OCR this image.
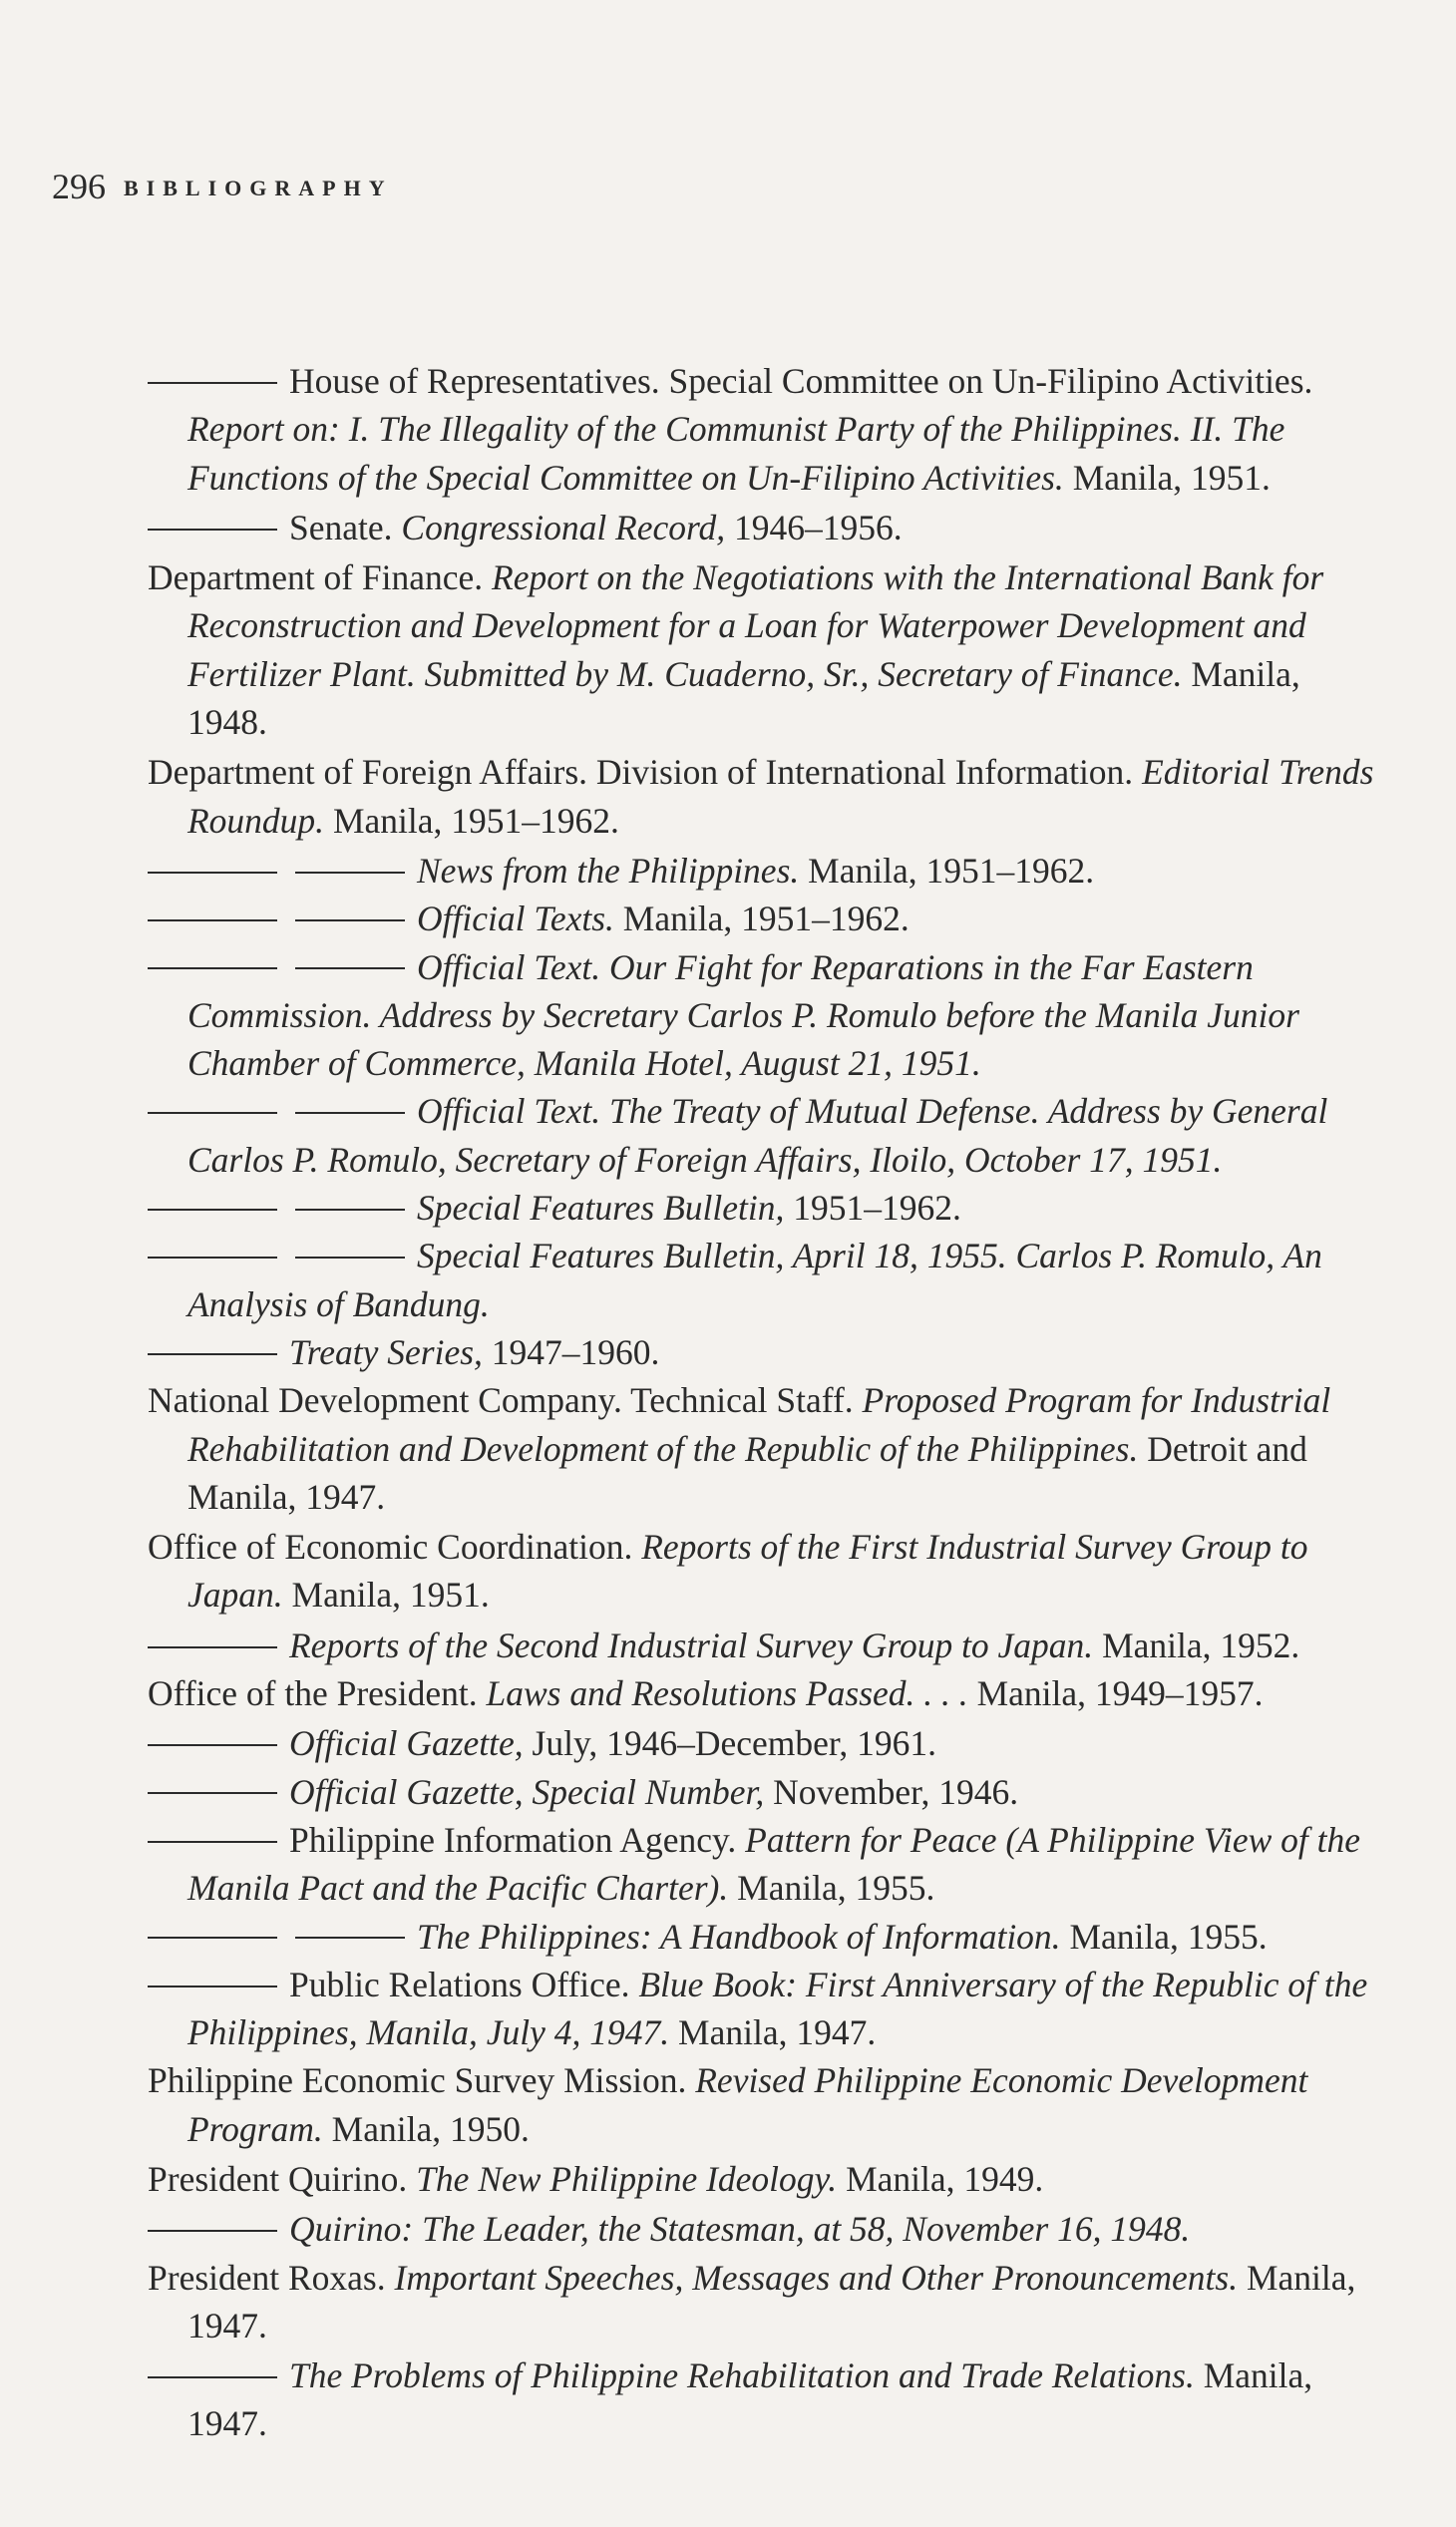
296 BIBLIOGRAPHY

House of Representatives. Special Committee on Un-Filipino Activities. Report on: I. The Illegality of the Communist Party of the Philippines. II. The Functions of the Special Committee on Un-Filipino Activities. Manila, 1951.

Senate. Congressional Record, 1946–1956.

Department of Finance. Report on the Negotiations with the International Bank for Reconstruction and Development for a Loan for Waterpower Development and Fertilizer Plant. Submitted by M. Cuaderno, Sr., Secretary of Finance. Manila, 1948.

Department of Foreign Affairs. Division of International Information. Editorial Trends Roundup. Manila, 1951–1962.

News from the Philippines. Manila, 1951–1962.

Official Texts. Manila, 1951–1962.

Official Text. Our Fight for Reparations in the Far Eastern Commission. Address by Secretary Carlos P. Romulo before the Manila Junior Chamber of Commerce, Manila Hotel, August 21, 1951.

Official Text. The Treaty of Mutual Defense. Address by General Carlos P. Romulo, Secretary of Foreign Affairs, Iloilo, October 17, 1951.

Special Features Bulletin, 1951–1962.

Special Features Bulletin, April 18, 1955. Carlos P. Romulo, An Analysis of Bandung.

Treaty Series, 1947–1960.

National Development Company. Technical Staff. Proposed Program for Industrial Rehabilitation and Development of the Republic of the Philippines. Detroit and Manila, 1947.

Office of Economic Coordination. Reports of the First Industrial Survey Group to Japan. Manila, 1951.

Reports of the Second Industrial Survey Group to Japan. Manila, 1952.

Office of the President. Laws and Resolutions Passed. . . . Manila, 1949–1957.

Official Gazette, July, 1946–December, 1961.

Official Gazette, Special Number, November, 1946.

Philippine Information Agency. Pattern for Peace (A Philippine View of the Manila Pact and the Pacific Charter). Manila, 1955.

The Philippines: A Handbook of Information. Manila, 1955.

Public Relations Office. Blue Book: First Anniversary of the Republic of the Philippines, Manila, July 4, 1947. Manila, 1947.

Philippine Economic Survey Mission. Revised Philippine Economic Development Program. Manila, 1950.

President Quirino. The New Philippine Ideology. Manila, 1949.

Quirino: The Leader, the Statesman, at 58, November 16, 1948.

President Roxas. Important Speeches, Messages and Other Pronouncements. Manila, 1947.

The Problems of Philippine Rehabilitation and Trade Relations. Manila, 1947.
